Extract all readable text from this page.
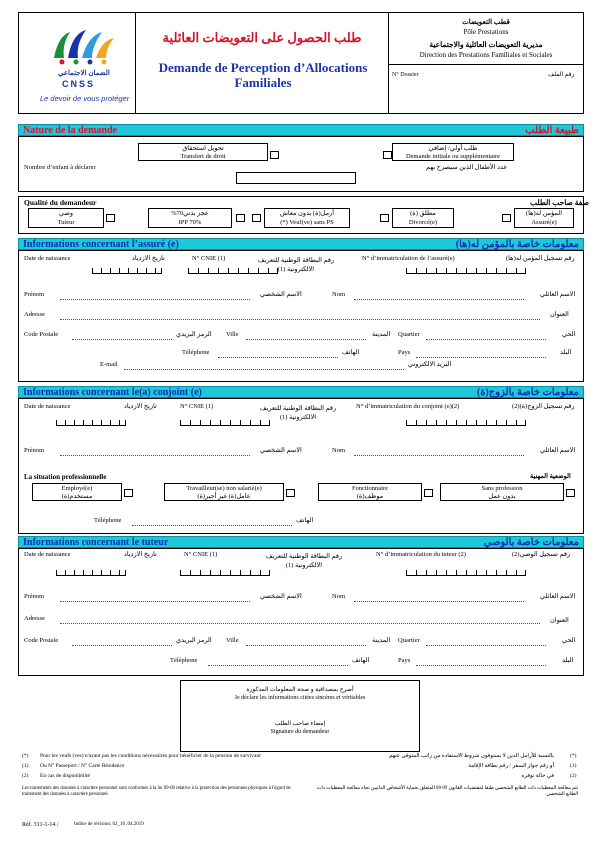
الضمان الاجتماعي
CNSS
Le devoir de vous protéger
طلب الحصول على التعويضات العائلية
Demande de Perception d’Allocations Familiales
قطب التعويضات
Pôle Prestations
مديرية التعويضات العائلية والاجتماعية
Direction des Prestations Familiales et Sociales
N° Dossier	رقم الملف
Nature de la demande	طبيعة الطلب
تحويل استحقاق
Transfert de droit
طلب أولي/ إضافي
Demande initiale ou supplémentaire
Nombre d’enfant à déclarer	عدد الأطفال الذين سيصرح بهم
Qualité du demandeur	صفة صاحب الطلب
وصي
Tuteur
عجز بدني70%
IPP 70%
أرمل(ة) بدون معاش
(*) Veuf(ve) sans PS
مطلق (ة)
Divorcé(e)
المؤمن له(ها)
Assuré(e)
Informations concernant l’assuré (e)	معلومات خاصة بالمؤمن له(ها)
Date de naissance	تاريخ الازدياد	N° CNIE (1)	رقم البطاقة الوطنية للتعريف الالكترونية (1)
N° d’immatriculation de l’assuré(e)	رقم تسجيل المؤمن له(ها)
Prénom	الاسم الشخصي	Nom	الاسم العائلي
Adresse	العنوان
Code Postale	الرمز البريدي Ville	المدينة Quartier	الحي
Téléphone	الهاتف	Pays	البلد
E-mail	البريد الالكتروني
Informations concernant le(a) conjoint (e)	معلومات خاصة بالزوج(ة)
Date de naissance	تاريخ الازدياد	N° CNIE (1)	رقم البطاقة الوطنية للتعريف الالكترونية (1)
N° d’immatriculation du conjoint (e)(2)	رقم تسجيل الزوج(ة)(2)
Prénom	الاسم الشخصي	Nom	الاسم العائلي
La situation professionnelle	الوضعية المهنية
Employé(e)
مستخدم(ة)
Travailleur(se) non salarié(e)
عامل(ة) غير أجير(ة)
Fonctionnaire
موظف(ة)
Sans profession
بدون عمل
Téléphone	الهاتف
Informations concernant le tuteur	معلومات خاصة بالوصي
Date de naissance	تاريخ الازدياد	N° CNIE (1)	رقم البطاقة الوطنية للتعريف الالكترونية (1)
N° d’immatriculation du tuteur (2)	رقم تسجيل الوصي(2)
Prénom	الاسم الشخصي	Nom	الاسم العائلي
Adresse	العنوان
Code Postale	الرمز البريدي Ville	المدينة Quartier	الحي
Téléphone	الهاتف	Pays	البلد
أصرح بمصداقية و صحة المعلومات المذكورة
Je déclare les informations citées sincères et véritables
إمضاء صاحب الطلب
Signature du demandeur
(*) Pour les veufs (ves) n'ayant pas les conditions nécessaires pour bénéficier de la pension de survivant	بالنسبة للأرامل الذين لا يستوفون شروط الاستفادة من راتب المتوفى عنهم	(*)
(1) Ou N° Passeport / N° Carte Résidence	أو رقم جواز السفر / رقم بطاقة الإقامة	(1)
(2) En cas de disponibilité	في حالة توفره	(2)
Les traitements des données à caractère personnel sont conformes à la loi 09-08 relative à la protection des personnes physiques à l'égard de traitement des données à caractère personnel.
تتم معالجة المعطيات ذات الطابع الشخصي طبقا لمقتضيات القانون 09-08 المتعلق بحماية الأشخاص الذاتيين تجاه معالجة المعطيات ذات الطابع الشخصي
Réf. 311-1-14 /	Indice de révision: 02_16 .04.2019
